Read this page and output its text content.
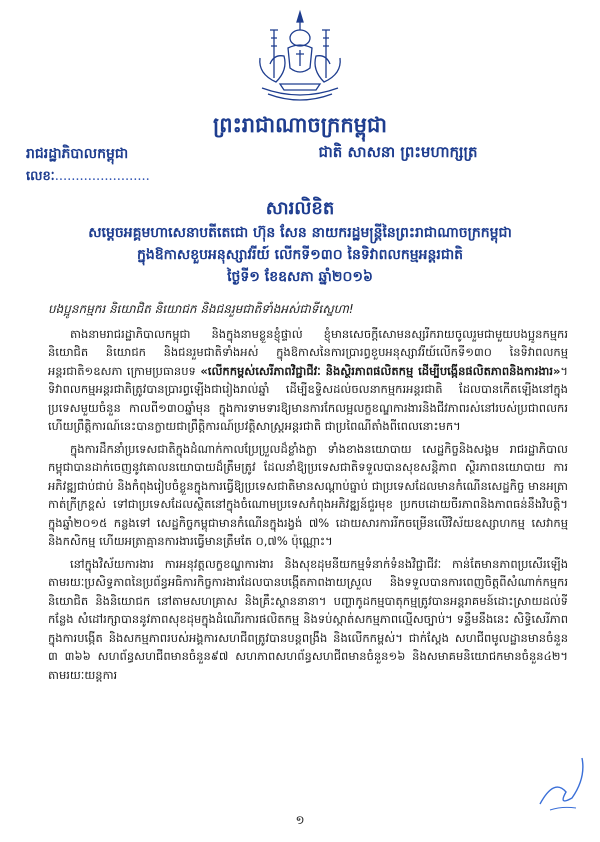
ព្រះរាជាណាចក្រកម្ពុជា
រាជរដ្ឋាភិបាលកម្ពុជា	ជាតិ សាសនា ព្រះមហាក្សត្រ
លេខៈ.......................
សារលិខិត
សម្ដេចអគ្គមហាសេនាបតីតេជោ ហ៊ុន សែន នាយករដ្ឋមន្ត្រីនៃព្រះរាជាណាចក្រកម្ពុជា
ក្នុងឱកាសខួបអនុស្សាវរីយ៍ លើកទី១៣០ នៃទិវាពលកម្មអន្តរជាតិ
ថ្ងៃទី១ ខែឧសភា ឆ្នាំ២០១៦
បងប្អូនកម្មករ និយោជិត និយោជក និងជនរួមជាតិទាំងអស់ជាទីស្នេហា!

តាងនាមរាជរដ្ឋាភិបាលកម្ពុជា និងក្នុងនាមខ្លួនខ្ញុំផ្ទាល់ ខ្ញុំមានសេចក្ដីសោមនស្សរីករាយចូលរួមជាមួយបងប្អូនកម្មករ និយោជិត និយោជក និងជនរួមជាតិទាំងអស់ ក្នុងឱកាសនៃការប្រារព្ធខួបអនុស្សាវរីយ៍លើកទី១៣០ នៃទិវាពលកម្មអន្តរជាតិ១ឧសភា ក្រោមប្រធានបទ «លើកកម្ពស់សេរីភាពវិជ្ជាជីវៈ និងស្ថិរភាពផលិតកម្ម ដើម្បីបង្កើនផលិតភាពនិងការងារ»។ ទិវាពលកម្មអន្តរជាតិត្រូវបានប្រារព្ធឡើងជារៀងរាល់ឆ្នាំ ដើម្បីឧទ្ទិសដល់ចលនាកម្មករអន្តរជាតិ ដែលបានកើតឡើងនៅក្នុងប្រទេសមួយចំនួន កាលពី១៣០ឆ្នាំមុន ក្នុងការទាមទារឱ្យមានការកែលម្អលក្ខខណ្ឌការងារនិងជីវភាពរស់នៅរបស់ប្រជាពលករ ហើយព្រឹត្តិការណ៍នេះបានក្លាយជាព្រឹត្តិការណ៍ប្រវត្តិសាស្ត្រអន្តរជាតិ ជាប្រពៃណីតាំងពីពេលនោះមក។

ក្នុងការដឹកនាំប្រទេសជាតិក្នុងដំណាក់កាលប្រែប្រួលដ៏ខ្លាំងក្លា ទាំងខាងនយោបាយ សេដ្ឋកិច្ចនិងសង្គម រាជរដ្ឋាភិបាលកម្ពុជាបានដាក់ចេញនូវគោលនយោបាយដ៏ត្រឹមត្រូវ ដែលនាំឱ្យប្រទេសជាតិទទួលបានសុខសន្តិភាព ស្ថិរភាពនយោបាយ ការអភិវឌ្ឍជាប់ជាប់ និងកំពុងរៀបចំខ្លួនក្នុងការធ្វើឱ្យប្រទេសជាតិមានសណ្ដាប់ធ្នាប់ ជាប្រទេសដែលមានកំណើនសេដ្ឋកិច្ច មានអត្រាកាត់ក្រីក្រខ្ពស់ ទៅជាប្រទេសដែលស្ថិតនៅក្នុងចំណោមប្រទេសកំពុងអភិវឌ្ឍន៍ជួរមុខ ប្រកបដោយចីរភាពនិងភាពធន់នឹងវិបត្តិ។ ក្នុងឆ្នាំ២០១៥ កន្លងទៅ សេដ្ឋកិច្ចកម្ពុជាមានកំណើនក្នុងរង្វង់ ៧% ដោយសារការរីកចម្រើនលើវិស័យឧស្សាហកម្ម សេវាកម្ម និងកសិកម្ម ហើយអត្រាគ្មានការងារធ្វើមានត្រឹមតែ ០,៧% ប៉ុណ្ណោះ។

នៅក្នុងវិស័យការងារ ការអនុវត្តលក្ខខណ្ឌការងារ និងសុខដុមនីយកម្មទំនាក់ទំនងវិជ្ជាជីវៈ កាន់តែមានភាពប្រសើរឡើង តាមរយៈប្រសិទ្ធភាពនៃប្រព័ន្ធអធិការកិច្ចការងារដែលបានបង្កើតភាពងាយស្រួល និងទទួលបានការពេញចិត្តពីសំណាក់កម្មករនិយោជិត និងនិយោជក នៅតាមសហគ្រាស និងគ្រឹះស្ថាននានា។ បញ្ហាកូដកម្មបាតុកម្មត្រូវបានអន្តរាគមន៍ដោះស្រាយដល់ទីកន្លែង សំដៅរក្សាបាននូវភាពសុខដុមក្នុងដំណើរការផលិតកម្ម និងទប់ស្កាត់សកម្មភាពល្មើសច្បាប់។ ទន្ទឹមនឹងនេះ សិទ្ធិសេរីភាពក្នុងការបង្កើត និងសកម្មភាពរបស់អង្គការសហជីពត្រូវបានបន្តពង្រឹង និងលើកកម្ពស់។ ជាក់ស្ដែង សហជីពមូលដ្ឋានមានចំនួន ៣ ៣៦៦ សហព័ន្ធសហជីពមានចំនួន៩៧ សហភាពសហព័ន្ធសហជីពមានចំនួន១៦ និងសមាគមនិយោជកមានចំនួន៤២។ តាមរយៈយន្តការ

១
